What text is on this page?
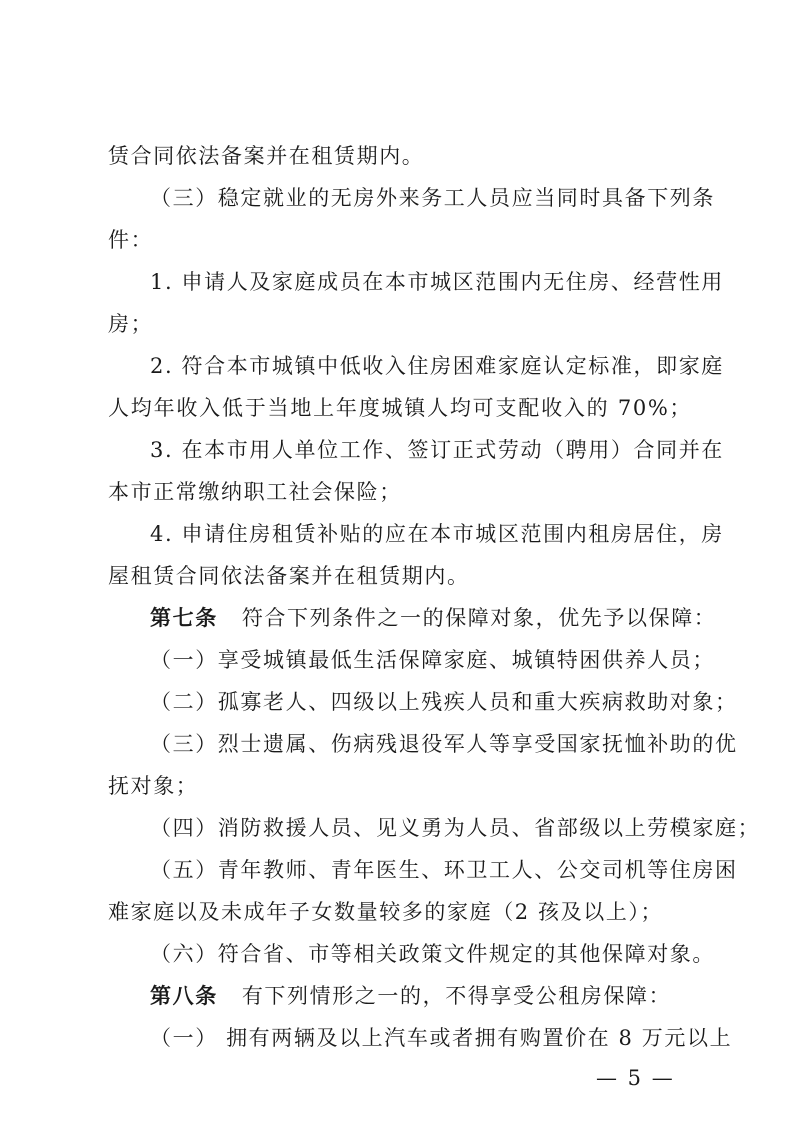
赁合同依法备案并在租赁期内。
（三）稳定就业的无房外来务工人员应当同时具备下列条
件：
1. 申请人及家庭成员在本市城区范围内无住房、经营性用
房；
2. 符合本市城镇中低收入住房困难家庭认定标准，即家庭
人均年收入低于当地上年度城镇人均可支配收入的 70%；
3. 在本市用人单位工作、签订正式劳动（聘用）合同并在
本市正常缴纳职工社会保险；
4. 申请住房租赁补贴的应在本市城区范围内租房居住，房
屋租赁合同依法备案并在租赁期内。
第七条 符合下列条件之一的保障对象，优先予以保障：
（一）享受城镇最低生活保障家庭、城镇特困供养人员；
（二）孤寡老人、四级以上残疾人员和重大疾病救助对象；
（三）烈士遗属、伤病残退役军人等享受国家抚恤补助的优
抚对象；
（四）消防救援人员、见义勇为人员、省部级以上劳模家庭；
（五）青年教师、青年医生、环卫工人、公交司机等住房困
难家庭以及未成年子女数量较多的家庭（2 孩及以上）；
（六）符合省、市等相关政策文件规定的其他保障对象。
第八条 有下列情形之一的，不得享受公租房保障：
（一） 拥有两辆及以上汽车或者拥有购置价在 8 万元以上
— 5 —
